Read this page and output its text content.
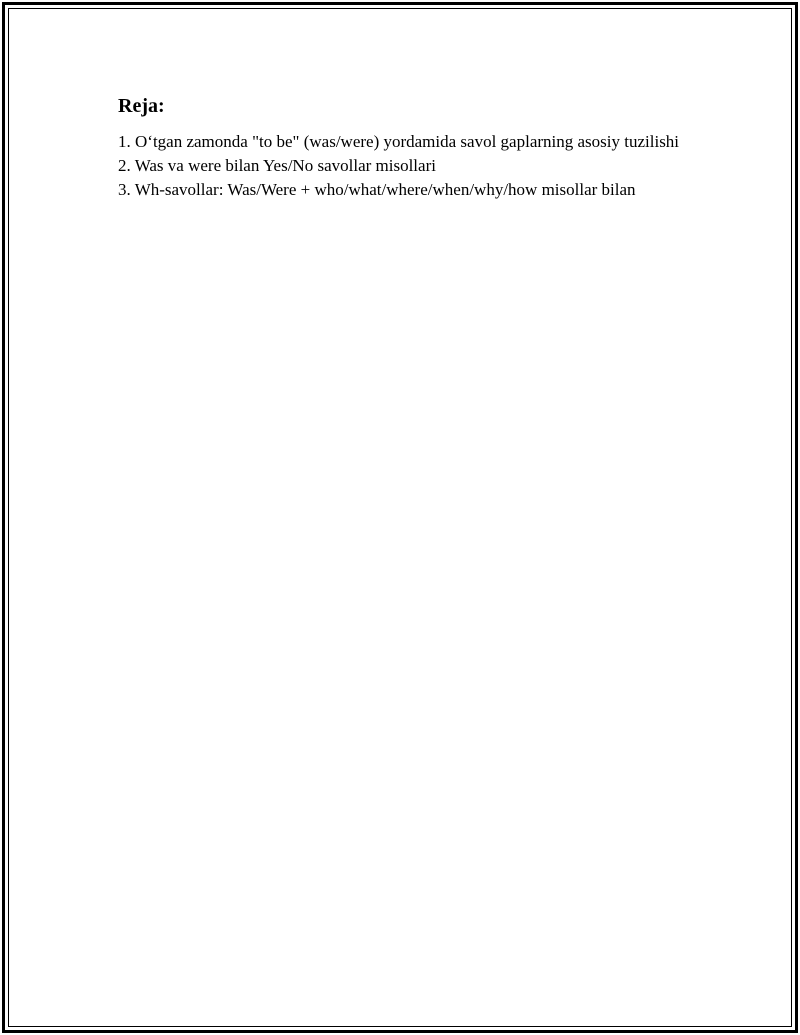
Reja:
1. O‘tgan zamonda "to be" (was/were) yordamida savol gaplarning asosiy tuzilishi
2. Was va were bilan Yes/No savollar misollari
3. Wh-savollar: Was/Were + who/what/where/when/why/how misollar bilan
